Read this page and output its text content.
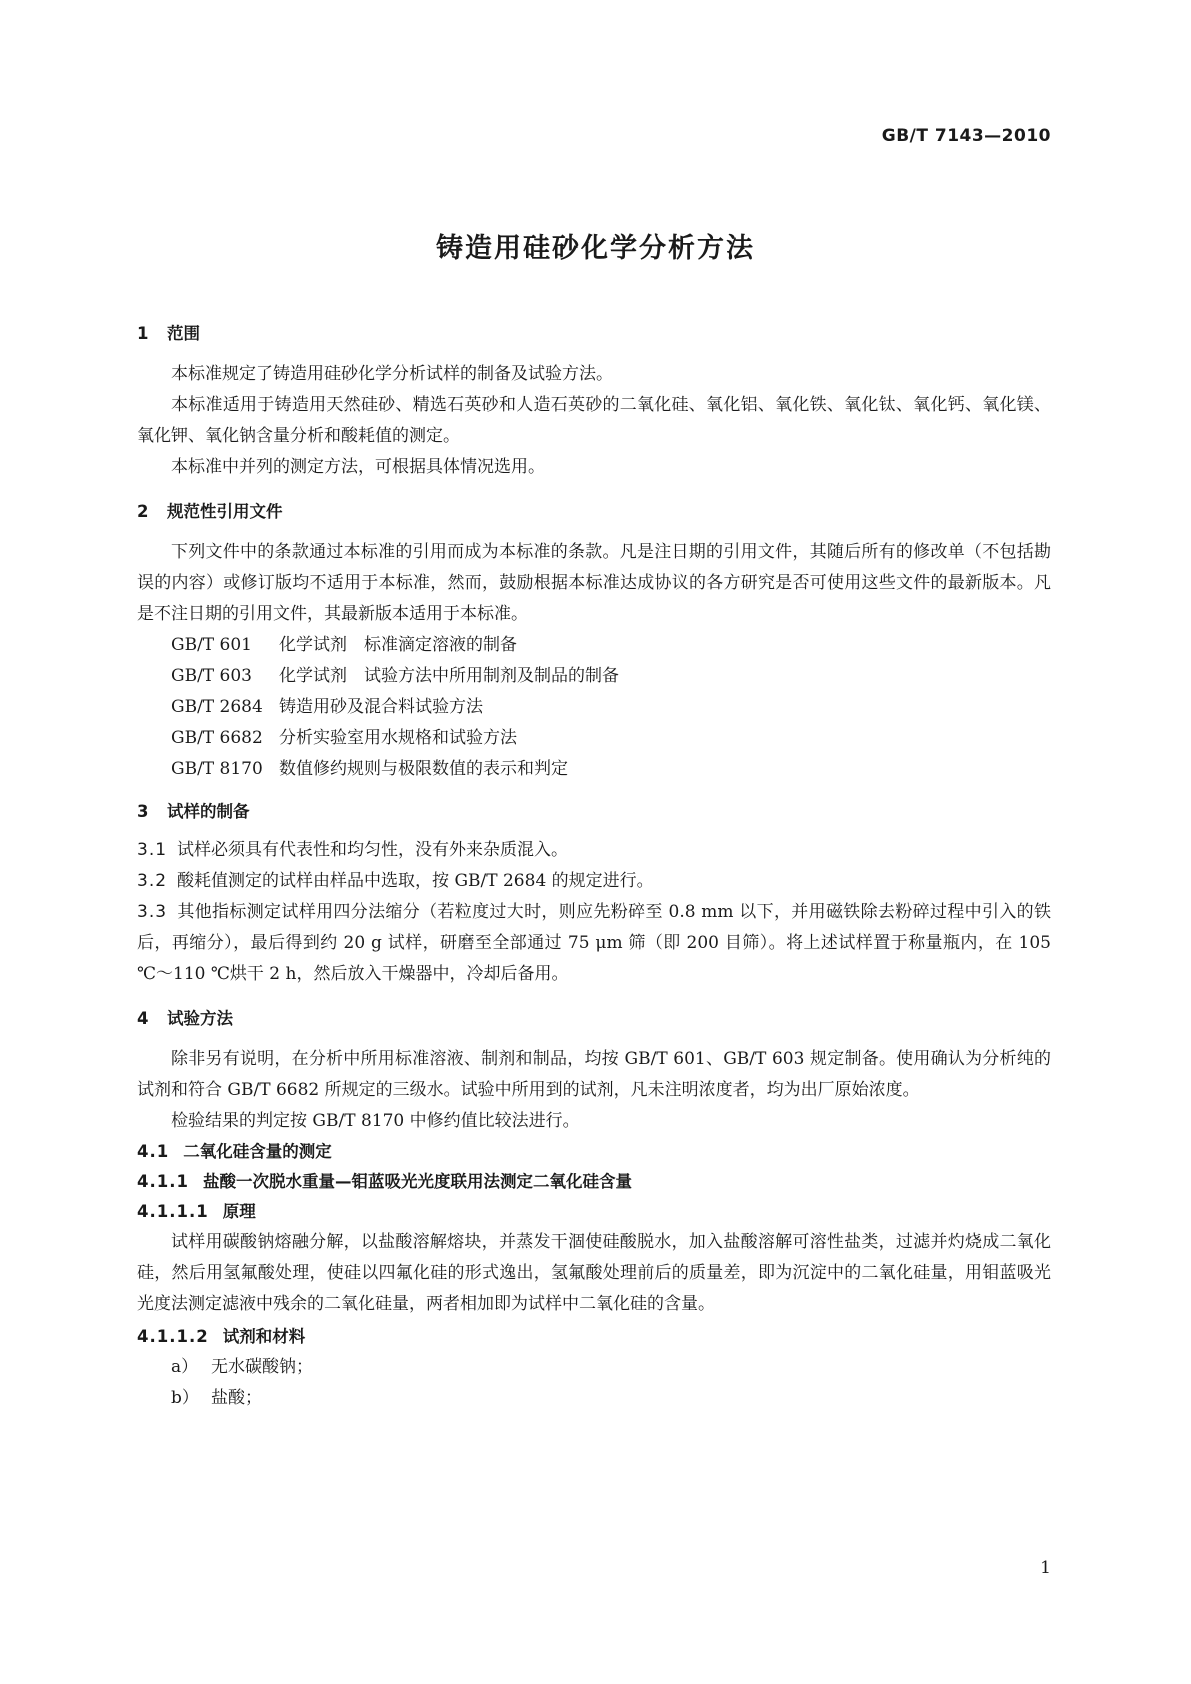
GB/T 7143—2010
铸造用硅砂化学分析方法
1 范围

本标准规定了铸造用硅砂化学分析试样的制备及试验方法。

本标准适用于铸造用天然硅砂、精选石英砂和人造石英砂的二氧化硅、氧化铝、氧化铁、氧化钛、氧化钙、氧化镁、氧化钾、氧化钠含量分析和酸耗值的测定。

本标准中并列的测定方法，可根据具体情况选用。

2 规范性引用文件

下列文件中的条款通过本标准的引用而成为本标准的条款。凡是注日期的引用文件，其随后所有的修改单（不包括勘误的内容）或修订版均不适用于本标准，然而，鼓励根据本标准达成协议的各方研究是否可使用这些文件的最新版本。凡是不注日期的引用文件，其最新版本适用于本标准。

GB/T 601 化学试剂　标准滴定溶液的制备

GB/T 603 化学试剂　试验方法中所用制剂及制品的制备

GB/T 2684 铸造用砂及混合料试验方法

GB/T 6682 分析实验室用水规格和试验方法

GB/T 8170 数值修约规则与极限数值的表示和判定

3 试样的制备

3.1 试样必须具有代表性和均匀性，没有外来杂质混入。

3.2 酸耗值测定的试样由样品中选取，按 GB/T 2684 的规定进行。

3.3 其他指标测定试样用四分法缩分（若粒度过大时，则应先粉碎至 0.8 mm 以下，并用磁铁除去粉碎过程中引入的铁后，再缩分），最后得到约 20 g 试样，研磨至全部通过 75 μm 筛（即 200 目筛）。将上述试样置于称量瓶内，在 105 ℃～110 ℃烘干 2 h，然后放入干燥器中，冷却后备用。

4 试验方法

除非另有说明，在分析中所用标准溶液、制剂和制品，均按 GB/T 601、GB/T 603 规定制备。使用确认为分析纯的试剂和符合 GB/T 6682 所规定的三级水。试验中所用到的试剂，凡未注明浓度者，均为出厂原始浓度。

检验结果的判定按 GB/T 8170 中修约值比较法进行。

4.1 二氧化硅含量的测定
4.1.1 盐酸一次脱水重量—钼蓝吸光光度联用法测定二氧化硅含量
4.1.1.1 原理

试样用碳酸钠熔融分解，以盐酸溶解熔块，并蒸发干涸使硅酸脱水，加入盐酸溶解可溶性盐类，过滤并灼烧成二氧化硅，然后用氢氟酸处理，使硅以四氟化硅的形式逸出，氢氟酸处理前后的质量差，即为沉淀中的二氧化硅量，用钼蓝吸光光度法测定滤液中残余的二氧化硅量，两者相加即为试样中二氧化硅的含量。

4.1.1.2 试剂和材料

a） 无水碳酸钠；

b） 盐酸；

1
